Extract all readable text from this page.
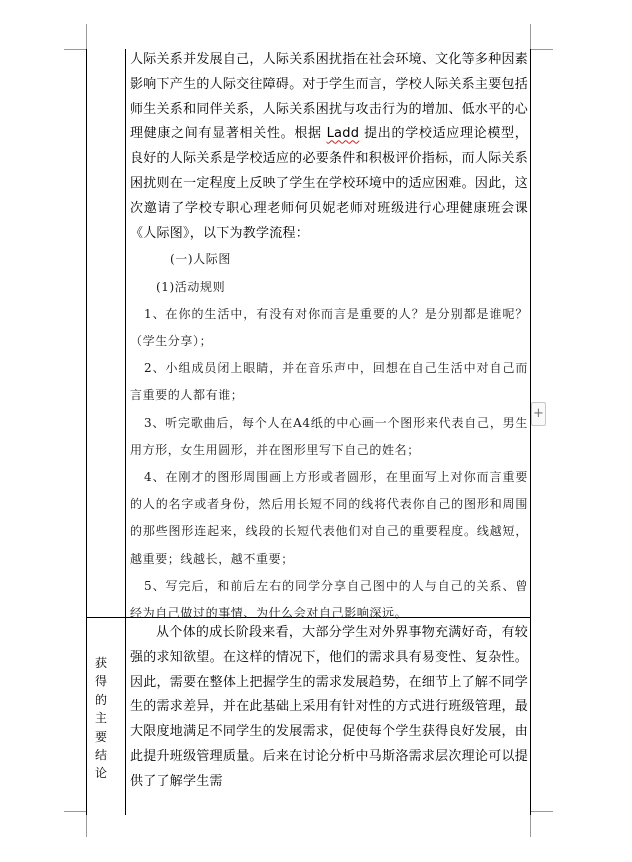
人际关系并发展自己，人际关系困扰指在社会环境、文化等多种因素影响下产生的人际交往障碍。对于学生而言，学校人际关系主要包括师生关系和同伴关系，人际关系困扰与攻击行为的增加、低水平的心理健康之间有显著相关性。根据 Ladd 提出的学校适应理论模型，良好的人际关系是学校适应的必要条件和积极评价指标，而人际关系困扰则在一定程度上反映了学生在学校环境中的适应困难。因此，这次邀请了学校专职心理老师何贝妮老师对班级进行心理健康班会课《人际图》，以下为教学流程：

(一)人际图

(1)活动规则

1、在你的生活中，有没有对你而言是重要的人？是分别都是谁呢？（学生分享）；

2、小组成员闭上眼睛，并在音乐声中，回想在自己生活中对自己而言重要的人都有谁；

3、听完歌曲后，每个人在A4纸的中心画一个图形来代表自己，男生用方形，女生用圆形，并在图形里写下自己的姓名；

4、在刚才的图形周围画上方形或者圆形，在里面写上对你而言重要的人的名字或者身份，然后用长短不同的线将代表你自己的图形和周围的那些图形连起来，线段的长短代表他们对自己的重要程度。线越短，越重要；线越长，越不重要；

5、写完后，和前后左右的同学分享自己图中的人与自己的关系、曾经为自己做过的事情、为什么会对自己影响深远。

获
得
的
主
要
结
论

从个体的成长阶段来看，大部分学生对外界事物充满好奇，有较强的求知欲望。在这样的情况下，他们的需求具有易变性、复杂性。因此，需要在整体上把握学生的需求发展趋势，在细节上了解不同学生的需求差异，并在此基础上采用有针对性的方式进行班级管理，最大限度地满足不同学生的发展需求，促使每个学生获得良好发展，由此提升班级管理质量。后来在讨论分析中马斯洛需求层次理论可以提供了了解学生需

+
